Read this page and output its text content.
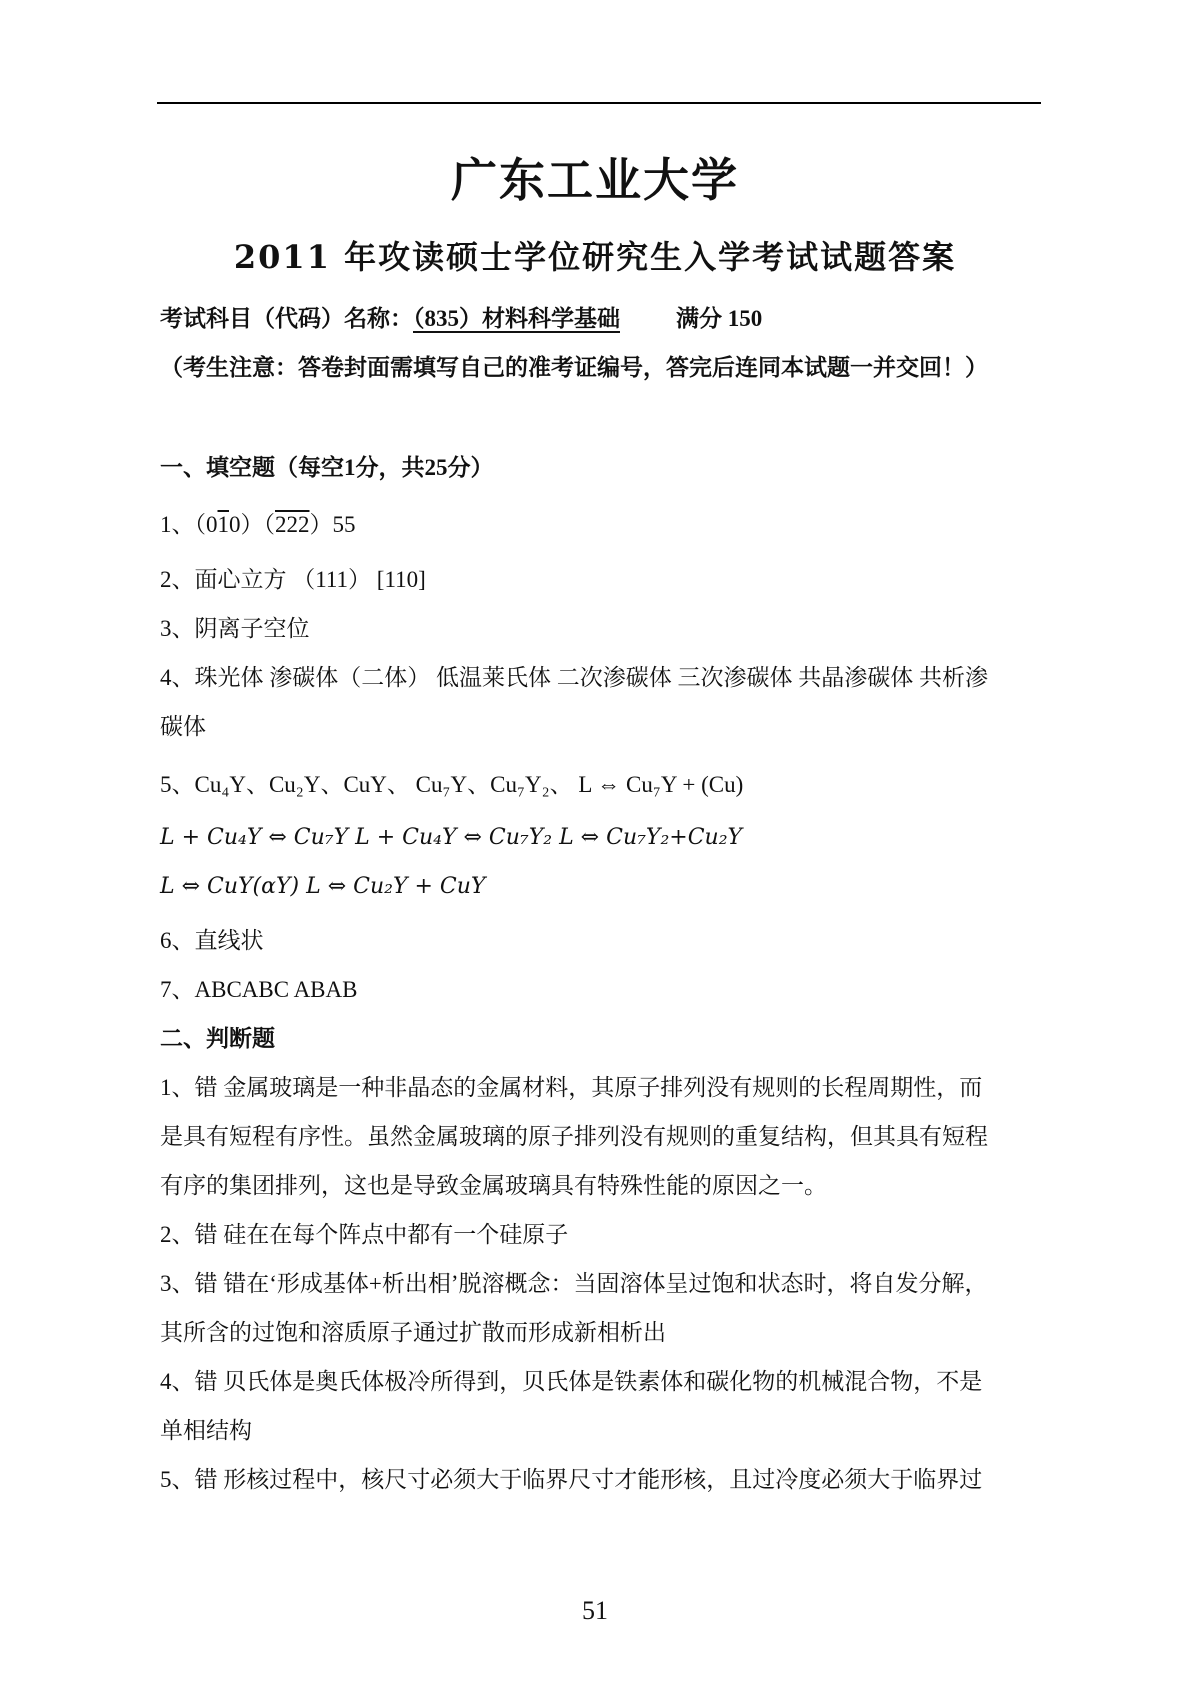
广东工业大学
2011 年攻读硕士学位研究生入学考试试题答案
考试科目（代码）名称：（835）材料科学基础 满分 150
（考生注意：答卷封面需填写自己的准考证编号，答完后连同本试题一并交回！）
一、填空题（每空1分，共25分）
1、（010）（222）55
2、面心立方 （111） [110]
3、阴离子空位
4、珠光体 渗碳体（二体） 低温莱氏体 二次渗碳体 三次渗碳体 共晶渗碳体 共析渗
碳体
5、Cu₄Y、Cu₂Y、CuY、 Cu₇Y、Cu₇Y₂、 L ⇔ Cu₇Y + (Cu)
L + Cu₄Y ⇔ Cu₇Y L + Cu₄Y ⇔ Cu₇Y₂ L ⇔ Cu₇Y₂+Cu₂Y
L ⇔ CuY(αY) L ⇔ Cu₂Y + CuY
6、直线状
7、ABCABC ABAB
二、判断题
1、错 金属玻璃是一种非晶态的金属材料，其原子排列没有规则的长程周期性，而
是具有短程有序性。虽然金属玻璃的原子排列没有规则的重复结构，但其具有短程
有序的集团排列，这也是导致金属玻璃具有特殊性能的原因之一。
2、错 硅在在每个阵点中都有一个硅原子
3、错 错在‘形成基体+析出相’脱溶概念：当固溶体呈过饱和状态时，将自发分解，
其所含的过饱和溶质原子通过扩散而形成新相析出
4、错 贝氏体是奥氏体极冷所得到，贝氏体是铁素体和碳化物的机械混合物，不是
单相结构
5、错 形核过程中，核尺寸必须大于临界尺寸才能形核，且过冷度必须大于临界过
51
